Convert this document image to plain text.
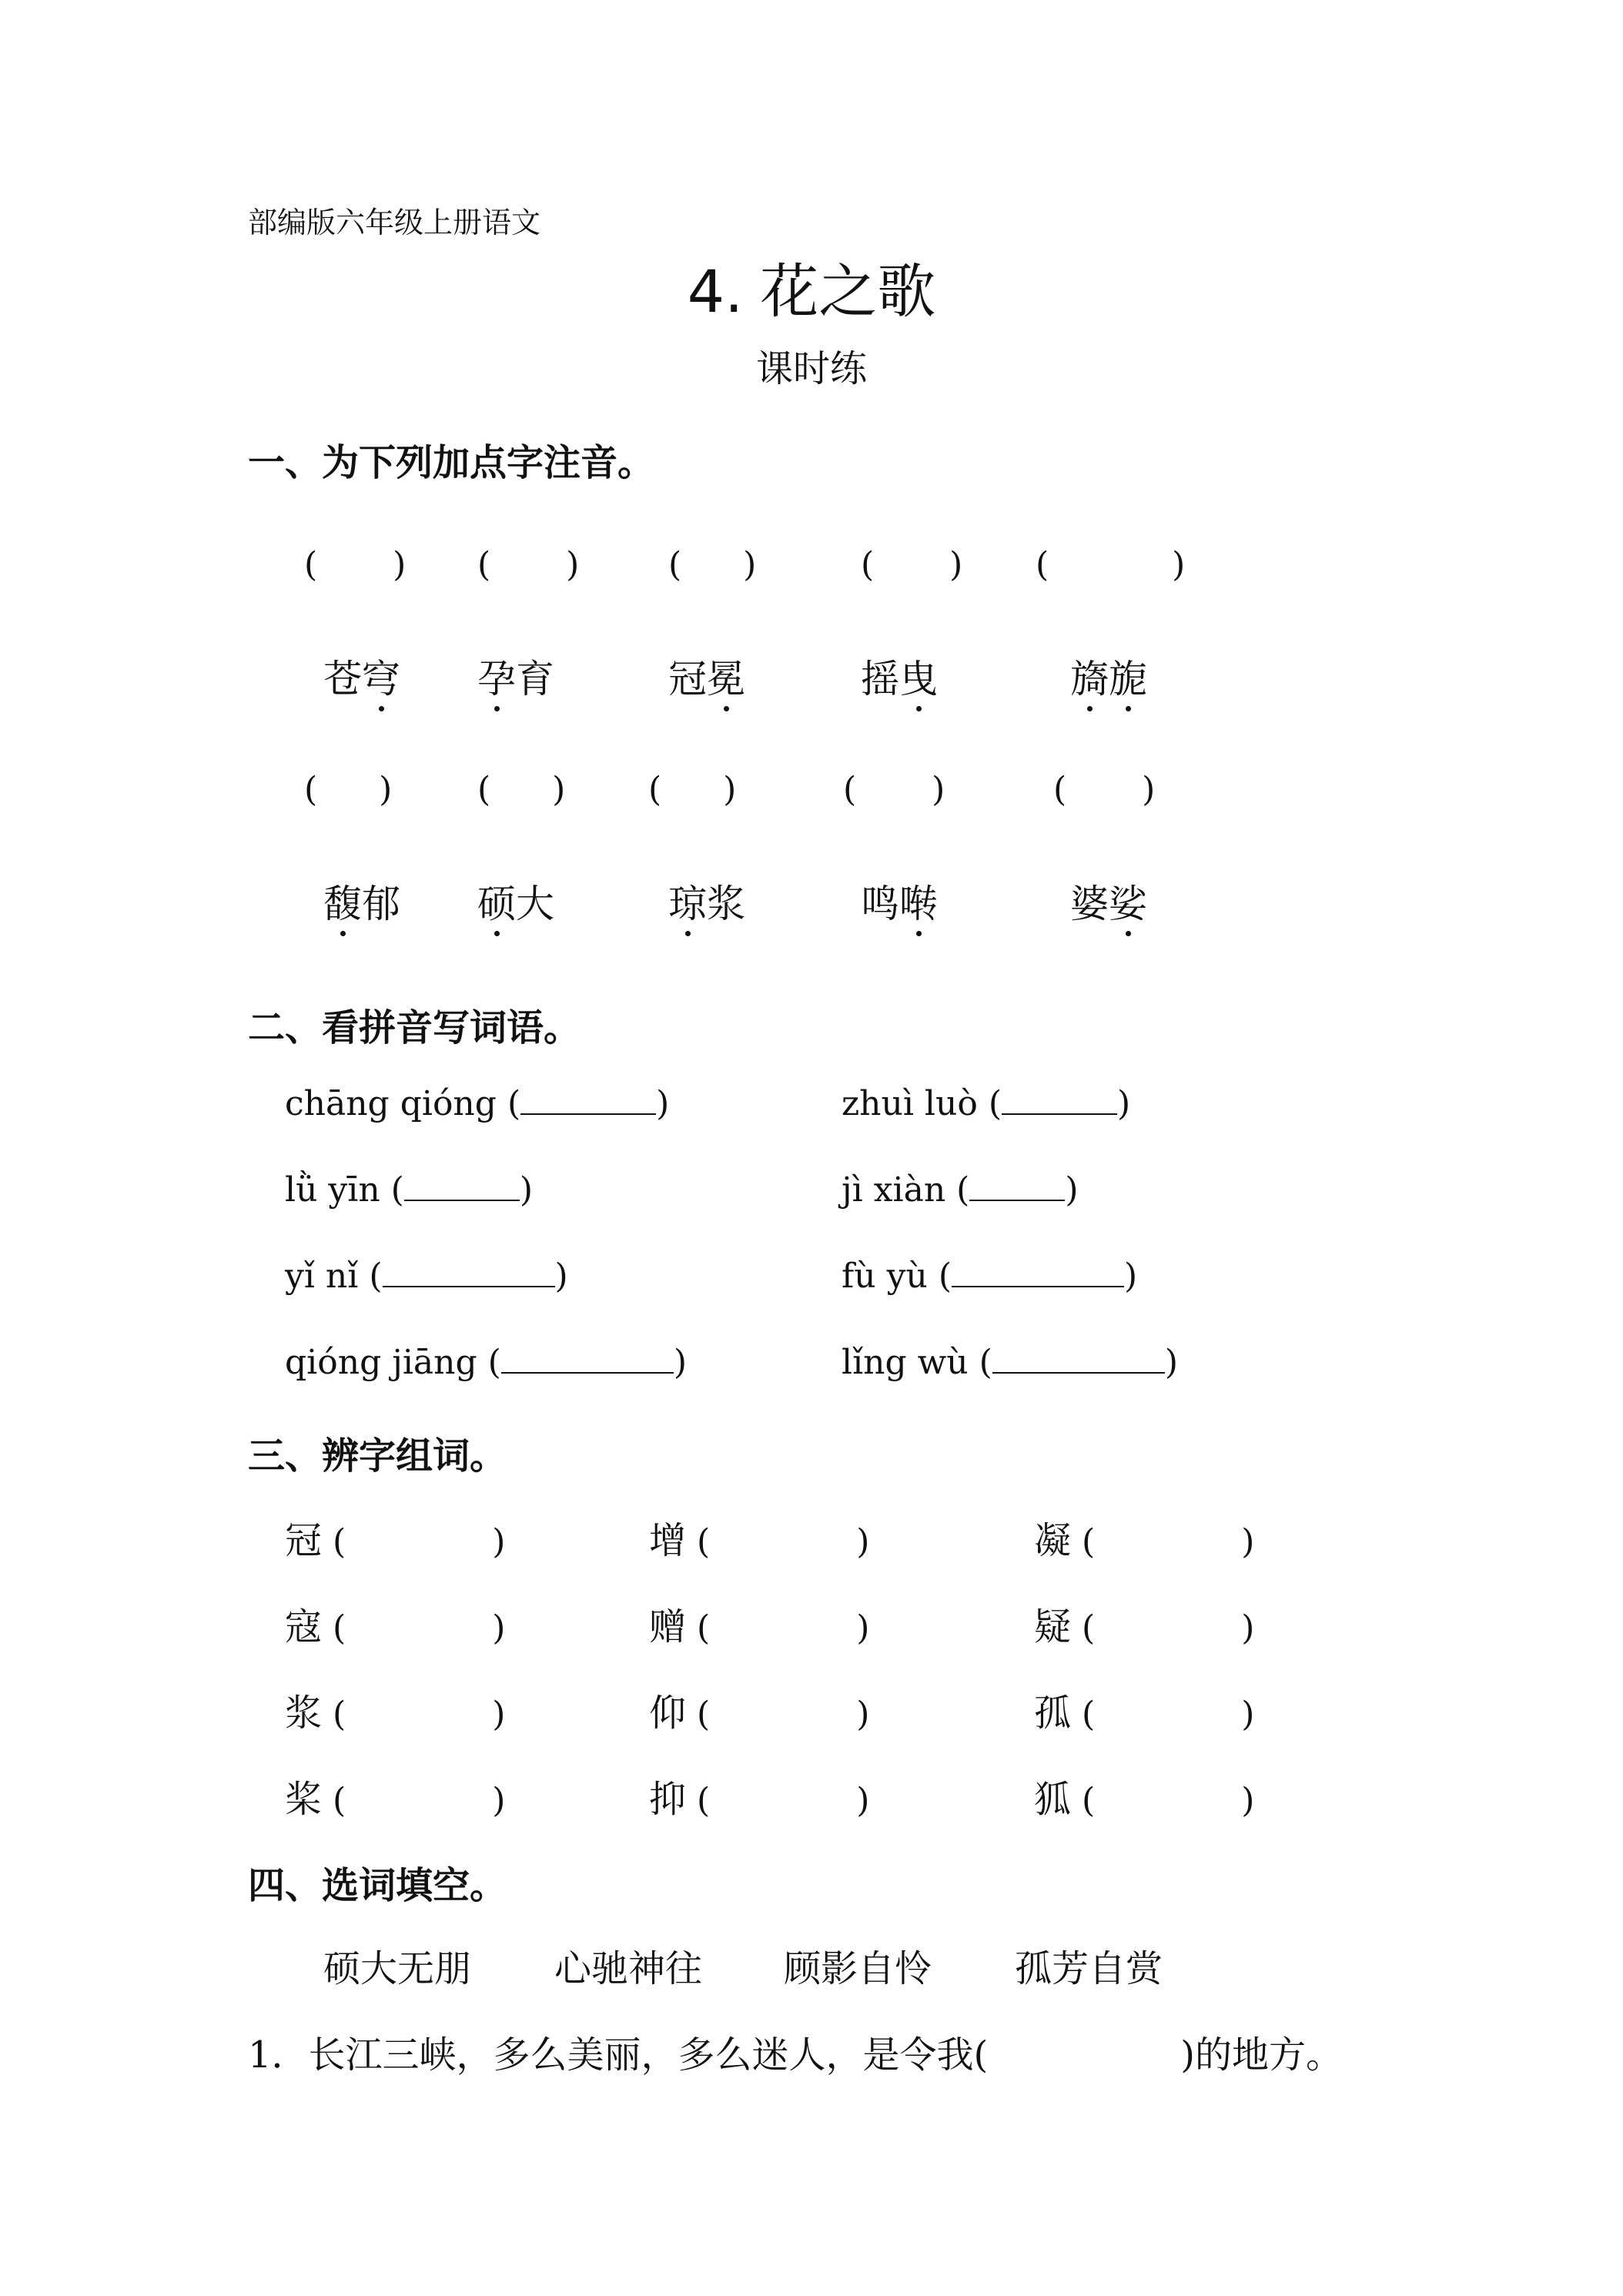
部编版六年级上册语文
4. 花之歌
课时练
一、为下列加点字注音。
( ) ( )	( )	( ) (	)
苍穹 孕育	冠冕	摇曳	旖旎
( )	( ) ( )	( )	( )
馥郁 硕大	琼浆	鸣啭	婆娑
二、看拼音写词语。
chāng qióng (	)	zhuì luò (	)
lǜ yīn (	)	jì xiàn (	)
yǐ nǐ (	)	fù yù (	)
qióng jiāng (	)	lǐng wù (	)
三、辨字组词。
冠 (	)	增 (	)	凝 (	)
寇 (	)	赠 (	)	疑 (	)
浆 (	)	仰 (	)	孤 (	)
桨 (	)	抑 (	)	狐 (	)
四、选词填空。
硕大无朋 心驰神往 顾影自怜 孤芳自赏
1．长江三峡，多么美丽，多么迷人，是令我(	)的地方。
